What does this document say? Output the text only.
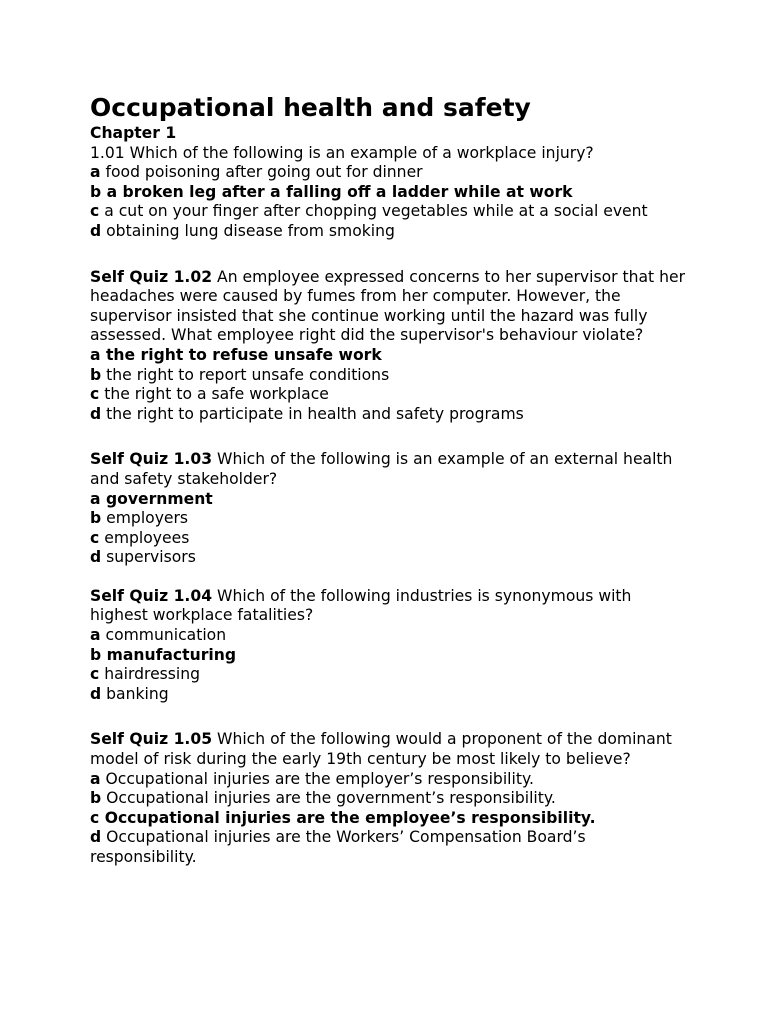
Occupational health and safety
Chapter 1

1.01 Which of the following is an example of a workplace injury?

a food poisoning after going out for dinner

b a broken leg after a falling off a ladder while at work

c a cut on your finger after chopping vegetables while at a social event

d obtaining lung disease from smoking

Self Quiz 1.02 An employee expressed concerns to her supervisor that her headaches were caused by fumes from her computer. However, the supervisor insisted that she continue working until the hazard was fully assessed. What employee right did the supervisor's behaviour violate?

a the right to refuse unsafe work

b the right to report unsafe conditions

c the right to a safe workplace

d the right to participate in health and safety programs

Self Quiz 1.03 Which of the following is an example of an external health and safety stakeholder?

a government

b employers

c employees

d supervisors

Self Quiz 1.04 Which of the following industries is synonymous with highest workplace fatalities?

a communication

b manufacturing

c hairdressing

d banking

Self Quiz 1.05 Which of the following would a proponent of the dominant model of risk during the early 19th century be most likely to believe?

a Occupational injuries are the employer’s responsibility.

b Occupational injuries are the government’s responsibility.

c Occupational injuries are the employee’s responsibility.

d Occupational injuries are the Workers’ Compensation Board’s responsibility.
